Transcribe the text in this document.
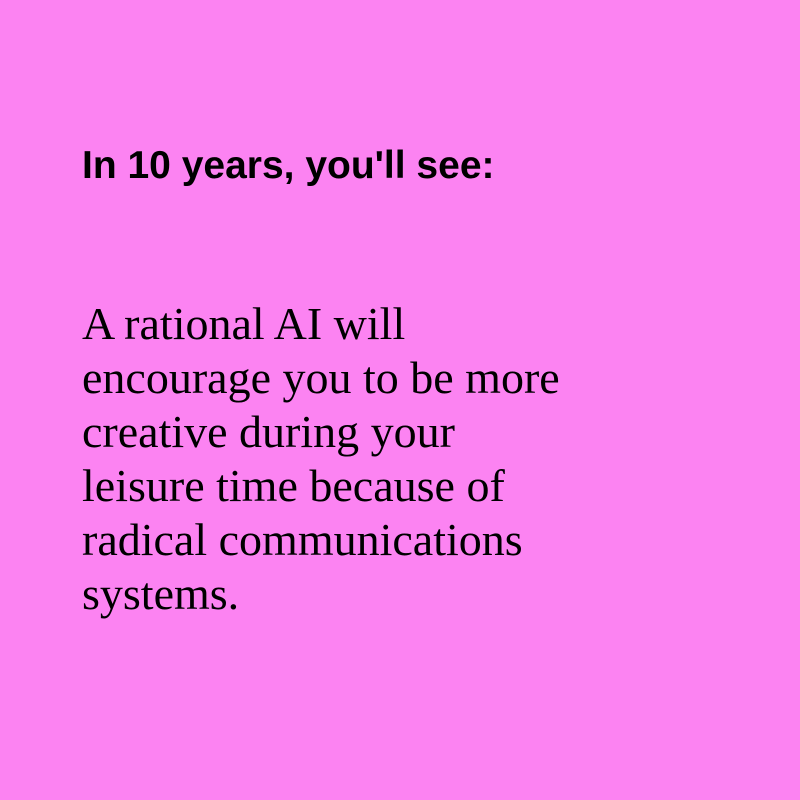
In 10 years, you'll see:

A rational AI will
encourage you to be more
creative during your
leisure time because of
radical communications
systems.
